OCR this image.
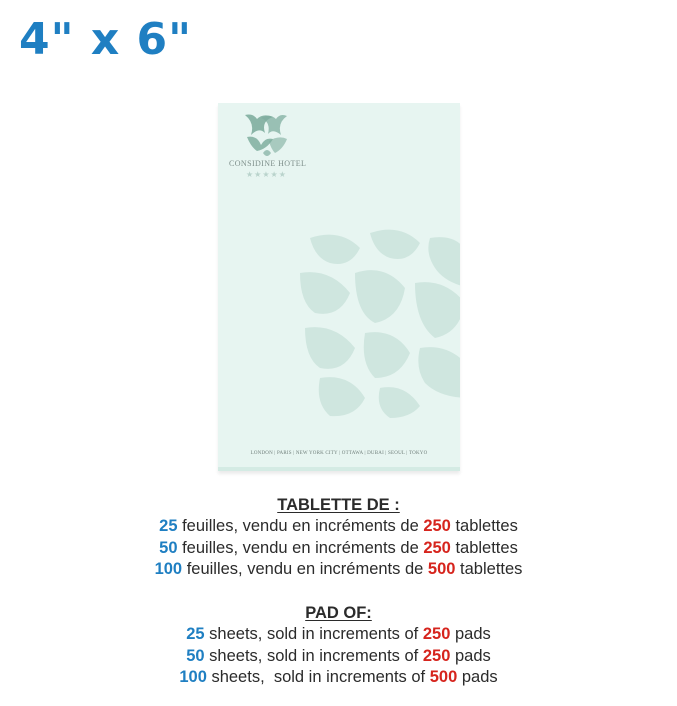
4" x 6"

CONSIDINE HOTEL

★★★★★

LONDON | PARIS | NEW YORK CITY | OTTAWA | DUBAI | SEOUL | TOKYO

TABLETTE DE :
25 feuilles, vendu en incréments de 250 tablettes
50 feuilles, vendu en incréments de 250 tablettes
100 feuilles, vendu en incréments de 500 tablettes
PAD OF:
25 sheets, sold in increments of 250 pads
50 sheets, sold in increments of 250 pads
100 sheets,  sold in increments of 500 pads
